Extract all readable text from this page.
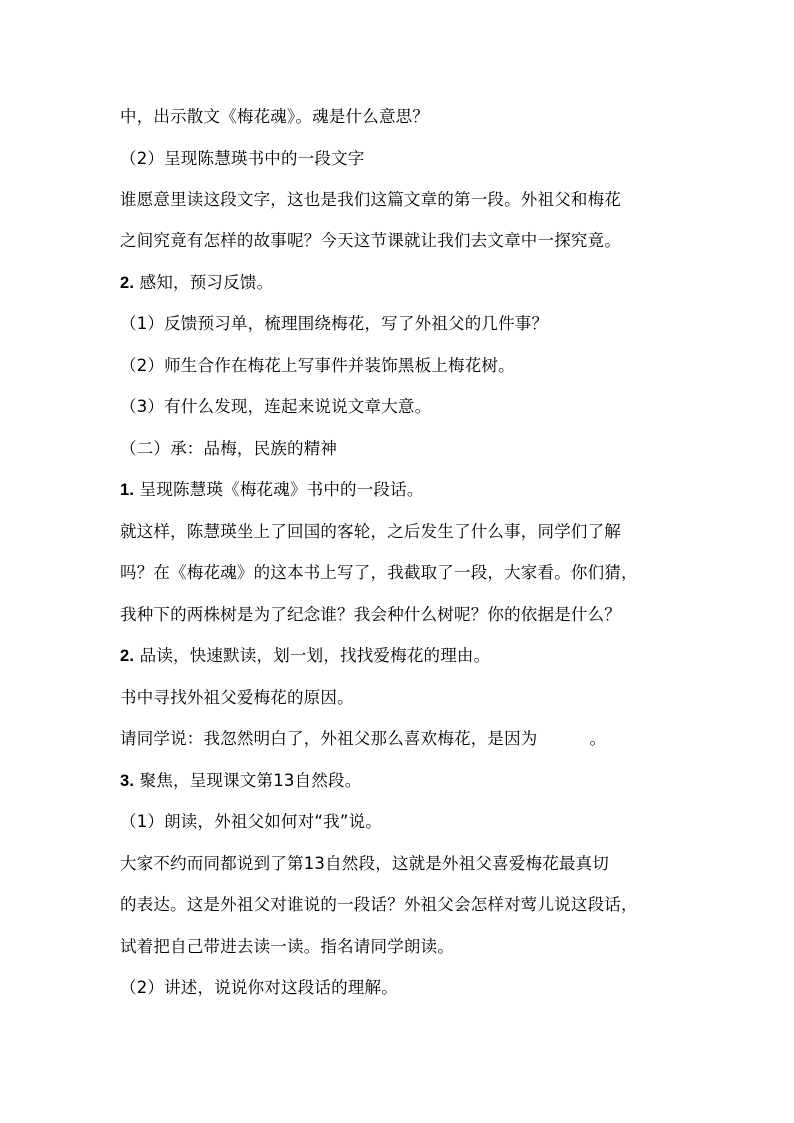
中，出示散文《梅花魂》。魂是什么意思？
（2）呈现陈慧瑛书中的一段文字
谁愿意里读这段文字，这也是我们这篇文章的第一段。外祖父和梅花
之间究竟有怎样的故事呢？今天这节课就让我们去文章中一探究竟。
2. 感知，预习反馈。
（1）反馈预习单，梳理围绕梅花，写了外祖父的几件事？
（2）师生合作在梅花上写事件并装饰黑板上梅花树。
（3）有什么发现，连起来说说文章大意。
（二）承：品梅，民族的精神
1. 呈现陈慧瑛《梅花魂》书中的一段话。
就这样，陈慧瑛坐上了回国的客轮，之后发生了什么事，同学们了解
吗？在《梅花魂》的这本书上写了，我截取了一段，大家看。你们猜，
我种下的两株树是为了纪念谁？我会种什么树呢？你的依据是什么？
2. 品读，快速默读，划一划，找找爱梅花的理由。
书中寻找外祖父爱梅花的原因。
请同学说：我忽然明白了，外祖父那么喜欢梅花，是因为	。
3. 聚焦，呈现课文第13自然段。
（1）朗读，外祖父如何对“我”说。
大家不约而同都说到了第13自然段，这就是外祖父喜爱梅花最真切
的表达。这是外祖父对谁说的一段话？外祖父会怎样对莺儿说这段话，
试着把自己带进去读一读。指名请同学朗读。
（2）讲述，说说你对这段话的理解。
